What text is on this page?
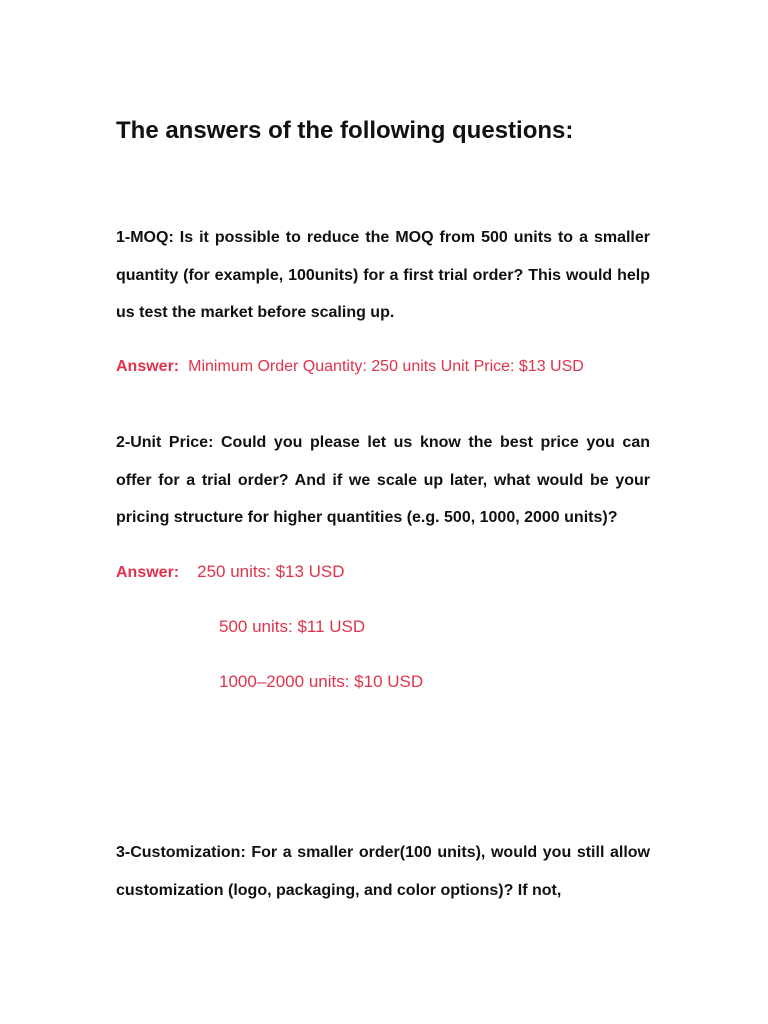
The answers of the following questions:
1-MOQ: Is it possible to reduce the MOQ from 500 units to a smaller quantity (for example, 100units) for a first trial order? This would help us test the market before scaling up.
Answer: Minimum Order Quantity: 250 units Unit Price: $13 USD
2-Unit Price: Could you please let us know the best price you can offer for a trial order? And if we scale up later, what would be your pricing structure for higher quantities (e.g. 500, 1000, 2000 units)?
Answer: 250 units: $13 USD
500 units: $11 USD
1000–2000 units: $10 USD
3-Customization: For a smaller order(100 units), would you still allow customization (logo, packaging, and color options)? If not,
